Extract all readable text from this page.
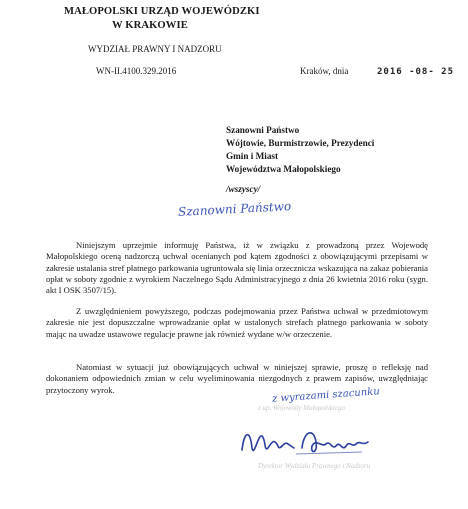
MAŁOPOLSKI URZĄD WOJEWÓDZKI
W KRAKOWIE
WYDZIAŁ PRAWNY I NADZORU
WN-II.4100.329.2016	Kraków, dnia	2016 -08- 25
Szanowni Państwo
Wójtowie, Burmistrzowie, Prezydenci
Gmin i Miast
Województwa Małopolskiego
/wszyscy/
Szanowni Państwo
Niniejszym uprzejmie informuję Państwa, iż w związku z prowadzoną przez Wojewodę Małopolskiego oceną nadzorczą uchwał ocenianych pod kątem zgodności z obowiązującymi przepisami w zakresie ustalania stref płatnego parkowania ugruntowała się linia orzecznicza wskazująca na zakaz pobierania opłat w soboty zgodnie z wyrokiem Naczelnego Sądu Administracyjnego z dnia 26 kwietnia 2016 roku (sygn. akt I OSK 3507/15).
Z uwzględnieniem powyższego, podczas podejmowania przez Państwa uchwał w przedmiotowym zakresie nie jest dopuszczalne wprowadzanie opłat w ustalonych strefach płatnego parkowania w soboty mając na uwadze ustawowe regulacje prawne jak również wydane w/w orzeczenie.
Natomiast w sytuacji już obowiązujących uchwał w niniejszej sprawie, proszę o refleksję nad dokonaniem odpowiednich zmian w celu wyeliminowania niezgodnych z prawem zapisów, uwzględniając przytoczony wyrok.	z wyrazami szacunku
z up. Wojewody Małopolskiego
Dyrektor Wydziału Prawnego i Nadzoru
